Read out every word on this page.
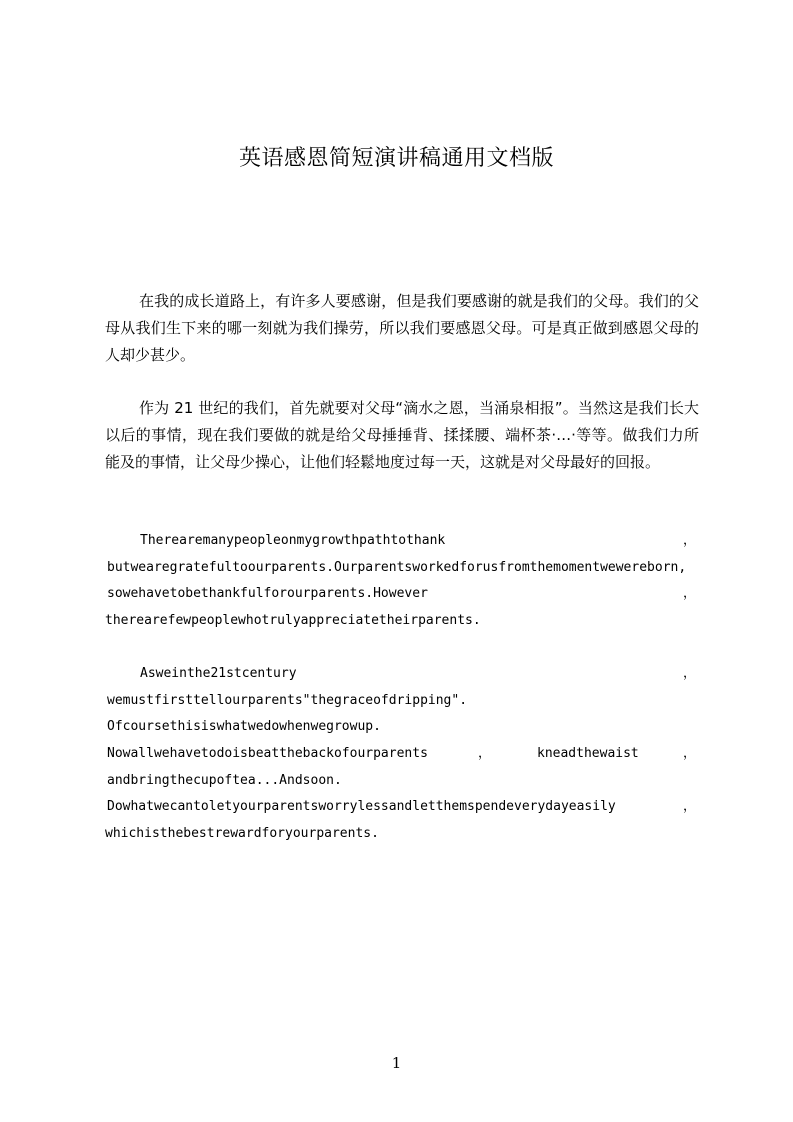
英语感恩简短演讲稿通用文档版

在我的成长道路上，有许多人要感谢，但是我们要感谢的就是我们的父母。我们的父母从我们生下来的哪一刻就为我们操劳，所以我们要感恩父母。可是真正做到感恩父母的人却少甚少。

作为 21 世纪的我们，首先就要对父母“滴水之恩，当涌泉相报”。当然这是我们长大以后的事情，现在我们要做的就是给父母捶捶背、揉揉腰、端杯茶·…·等等。做我们力所能及的事情，让父母少操心，让他们轻鬆地度过每一天，这就是对父母最好的回报。

Therearemanypeopleonmygrowthpathtothank	，
butwearegratefultoourparents.Ourparentsworkedforusfromthemomentwewereborn,
sowehavetobethankfulforourparents.However	，
therearefewpeoplewhotrulyappreciatetheirparents.
Asweinthe21stcentury	，
wemustfirsttellourparents"thegraceofdripping".
Ofcoursethisiswhatwedowhenwegrowup.
Nowallwehavetodoisbeatthebackofourparents	，	kneadthewaist	，
andbringthecupoftea...Andsoon.
Dowhatwecantoletyourparentsworrylessandletthemspendeverydayeasily	，
whichisthebestrewardforyourparents.
1
